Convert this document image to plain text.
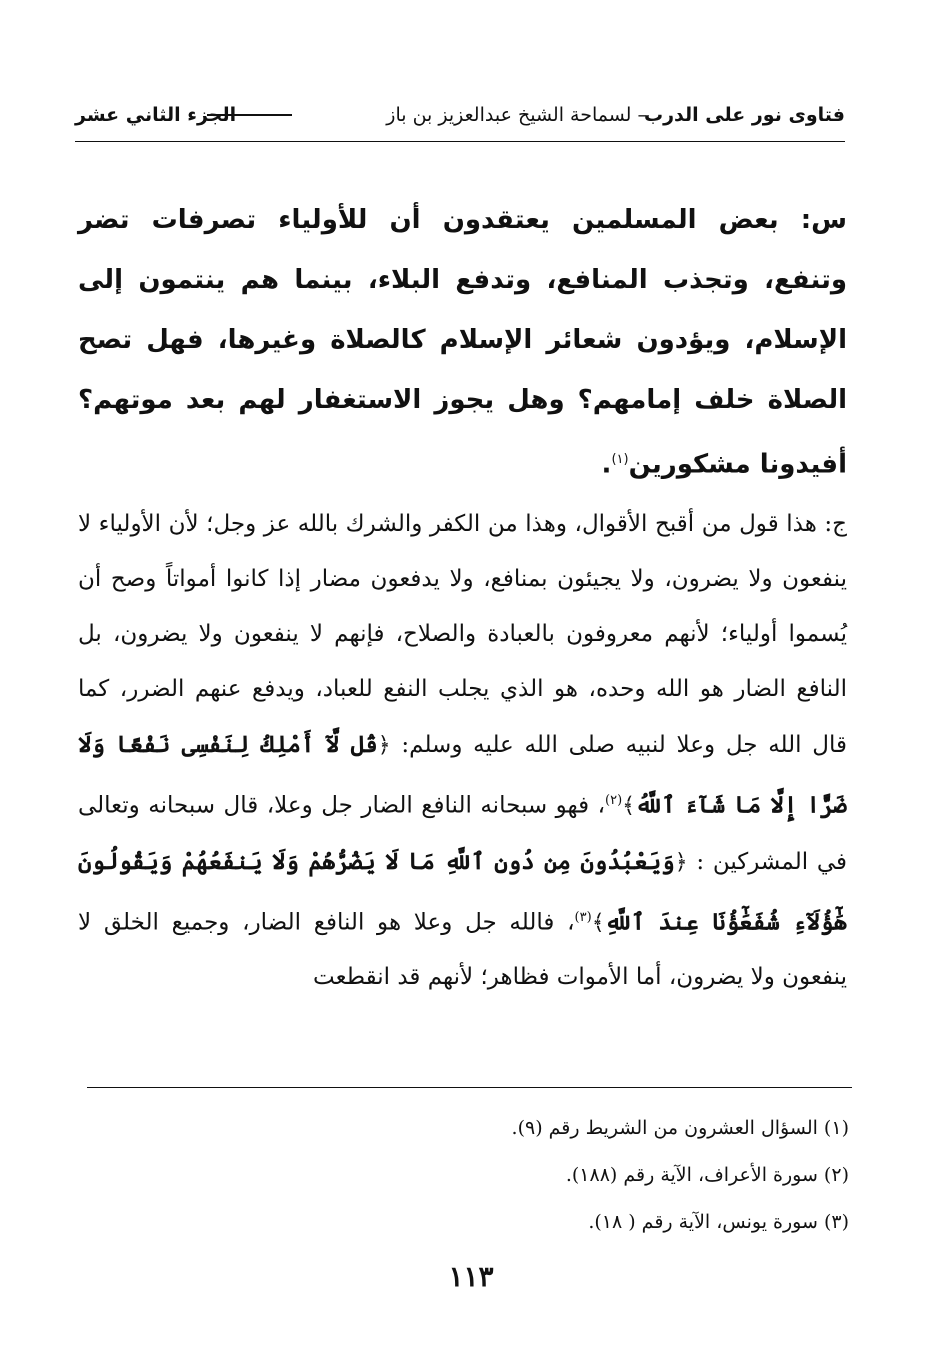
فتاوى نور على الدرب
– لسماحة الشيخ عبدالعزيز بن باز
الجزء الثاني عشر
س: بعض المسلمين يعتقدون أن للأولياء تصرفات تضر وتنفع، وتجذب المنافع، وتدفع البلاء، بينما هم ينتمون إلى الإسلام، ويؤدون شعائر الإسلام كالصلاة وغيرها، فهل تصح الصلاة خلف إمامهم؟ وهل يجوز الاستغفار لهم بعد موتهم؟ أفيدونا مشكورين$^{(١)}$.
ج: هذا قول من أقبح الأقوال، وهذا من الكفر والشرك بالله عز وجل؛ لأن الأولياء لا ينفعون ولا يضرون، ولا يجيئون بمنافع، ولا يدفعون مضار إذا كانوا أمواتاً وصح أن يُسموا أولياء؛ لأنهم معروفون بالعبادة والصلاح، فإنهم لا ينفعون ولا يضرون، بل النافع الضار هو الله وحده، هو الذي يجلب النفع للعباد، ويدفع عنهم الضرر، كما قال الله جل وعلا لنبيه صلى الله عليه وسلم: ﴿قُل لَّآ أَمْلِكُ لِنَفْسِى نَفْعًا وَلَا ضَرًّا إِلَّا مَا شَآءَ ٱللَّهُ﴾$^{(٢)}$، فهو سبحانه النافع الضار جل وعلا، قال سبحانه وتعالى في المشركين : ﴿وَيَعْبُدُونَ مِن دُونِ ٱللَّهِ مَا لَا يَضُرُّهُمْ وَلَا يَنفَعُهُمْ وَيَقُولُونَ هَٰٓؤُلَآءِ شُفَعَٰٓؤُنَا عِندَ ٱللَّهِ﴾$^{(٣)}$، فالله جل وعلا هو النافع الضار، وجميع الخلق لا ينفعون ولا يضرون، أما الأموات فظاهر؛ لأنهم قد انقطعت
(١) السؤال العشرون من الشريط رقم (٩).
(٢) سورة الأعراف، الآية رقم (١٨٨).
(٣) سورة يونس، الآية رقم ( ١٨).
١١٣
